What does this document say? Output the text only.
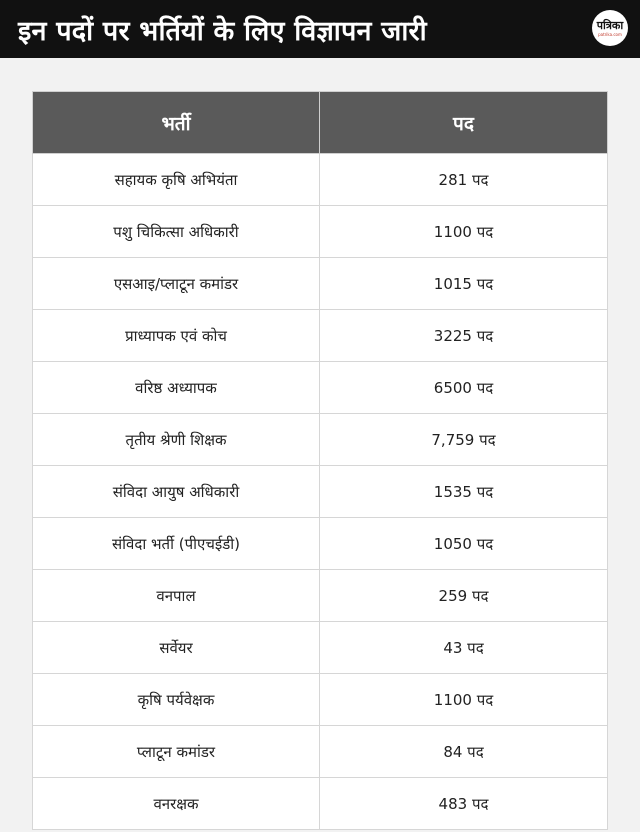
इन पदों पर भर्तियों के लिए विज्ञापन जारी	पत्रिका
patrika.com
भर्ती	पद
सहायक कृषि अभियंता	281 पद
पशु चिकित्सा अधिकारी	1100 पद
एसआइ/प्लाटून कमांडर	1015 पद
प्राध्यापक एवं कोच	3225 पद
वरिष्ठ अध्यापक	6500 पद
तृतीय श्रेणी शिक्षक	7,759 पद
संविदा आयुष अधिकारी	1535 पद
संविदा भर्ती (पीएचईडी)	1050 पद
वनपाल	259 पद
सर्वेयर	43 पद
कृषि पर्यवेक्षक	1100 पद
प्लाटून कमांडर	84 पद
वनरक्षक	483 पद
